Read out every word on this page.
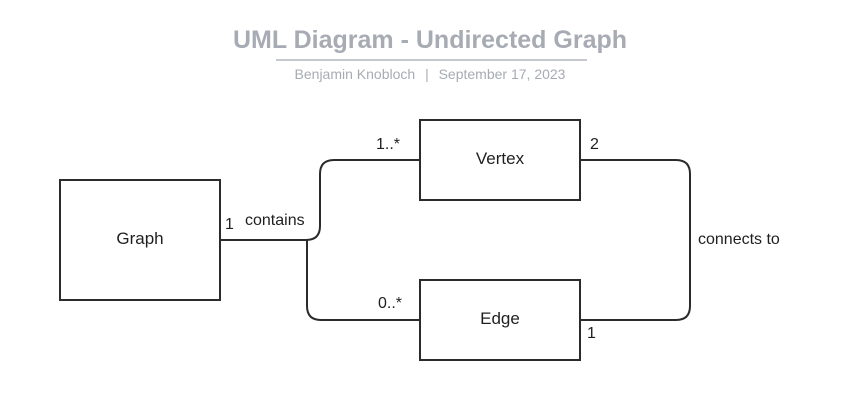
UML Diagram - Undirected Graph
Benjamin Knobloch | September 17, 2023
Graph
Vertex
Edge
1 contains
1..*
0..*
2
1
connects to
